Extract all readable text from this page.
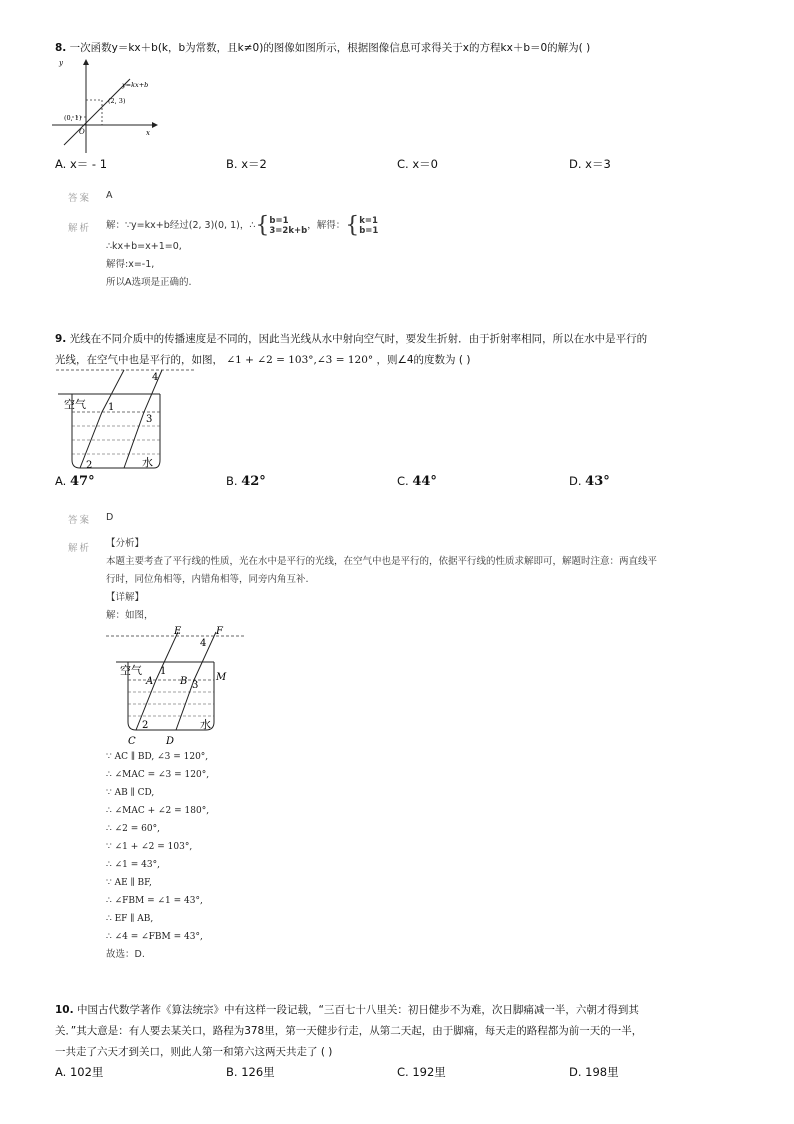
8. 一次函数y＝kx＋b(k，b为常数，且k≠0)的图像如图所示，根据图像信息可求得关于x的方程kx＋b＝0的解为( )
y
x
y=kx+b
(2, 3)
(0, 1)
O
A. x＝ - 1	B. x＝2	C. x＝0	D. x＝3
答案 A
解析 解：∵y=kx+b经过(2, 3)(0, 1)，∴ { b=1
3=2k+b ，解得： { k=1
b=1
∴kx+b=x+1=0,
解得:x=-1,
所以A选项是正确的.
9. 光线在不同介质中的传播速度是不同的，因此当光线从水中射向空气时，要发生折射．由于折射率相同，所以在水中是平行的
光线，在空气中也是平行的，如图， ∠1 + ∠2 = 103°,∠3 = 120° ，则∠4的度数为 ( )
空气 1
2
3
4
水
A. 47°	B. 42°	C. 44°	D. 43°
答案 D
解析 【分析】
本题主要考查了平行线的性质，光在水中是平行的光线，在空气中也是平行的，依据平行线的性质求解即可，解题时注意：两直线平
行时，同位角相等，内错角相等，同旁内角互补.
【详解】
解：如图，
E	F
4
空气 1
A	B 3
M
2	水
C	D
∵ AC ∥ BD, ∠3 = 120°,
∴ ∠MAC = ∠3 = 120°,
∵ AB ∥ CD,
∴ ∠MAC + ∠2 = 180°,
∴ ∠2 = 60°,
∵ ∠1 + ∠2 = 103°,
∴ ∠1 = 43°,
∵ AE ∥ BF,
∴ ∠FBM = ∠1 = 43°,
∴ EF ∥ AB,
∴ ∠4 = ∠FBM = 43°,
故选：D.
10. 中国古代数学著作《算法统宗》中有这样一段记载，“三百七十八里关：初日健步不为难，次日脚痛减一半，六朝才得到其
关．”其大意是：有人要去某关口，路程为378里，第一天健步行走，从第二天起，由于脚痛，每天走的路程都为前一天的一半，
一共走了六天才到关口，则此人第一和第六这两天共走了 ( )
A. 102里	B. 126里	C. 192里	D. 198里
